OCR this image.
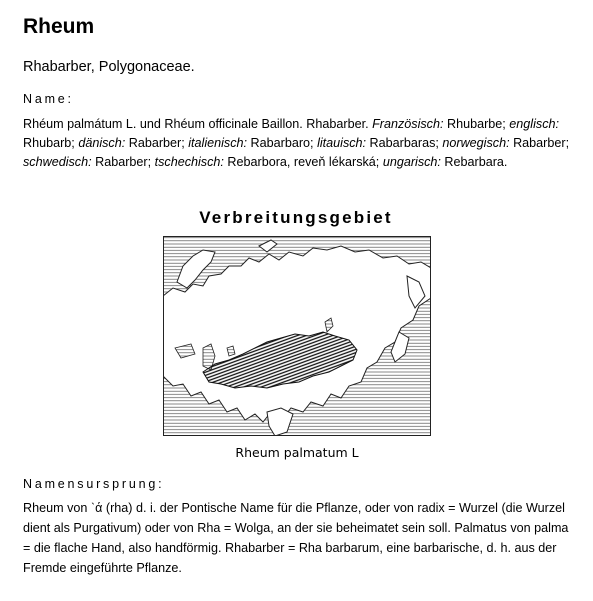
Rheum
Rhabarber, Polygonaceae.
Name:
Rhéum palmátum L. und Rhéum officinale Baillon. Rhabarber. Französisch: Rhubarbe; englisch: Rhubarb; dänisch: Rabarber; italienisch: Rabarbaro; litauisch: Rabarbaras; norwegisch: Rabarber; schwedisch: Rabarber; tschechisch: Rebarbora, reveň lékarská; ungarisch: Rebarbara.
Verbreitungsgebiet
Rheum palmatum L
Namensursprung:
Rheum von ˋά (rha) d. i. der Pontische Name für die Pflanze, oder von radix = Wurzel (die Wurzel dient als Purgativum) oder von Rha = Wolga, an der sie beheimatet sein soll. Palmatus von palma = die flache Hand, also handförmig. Rhabarber = Rha barbarum, eine barbarische, d. h. aus der Fremde eingeführte Pflanze.
